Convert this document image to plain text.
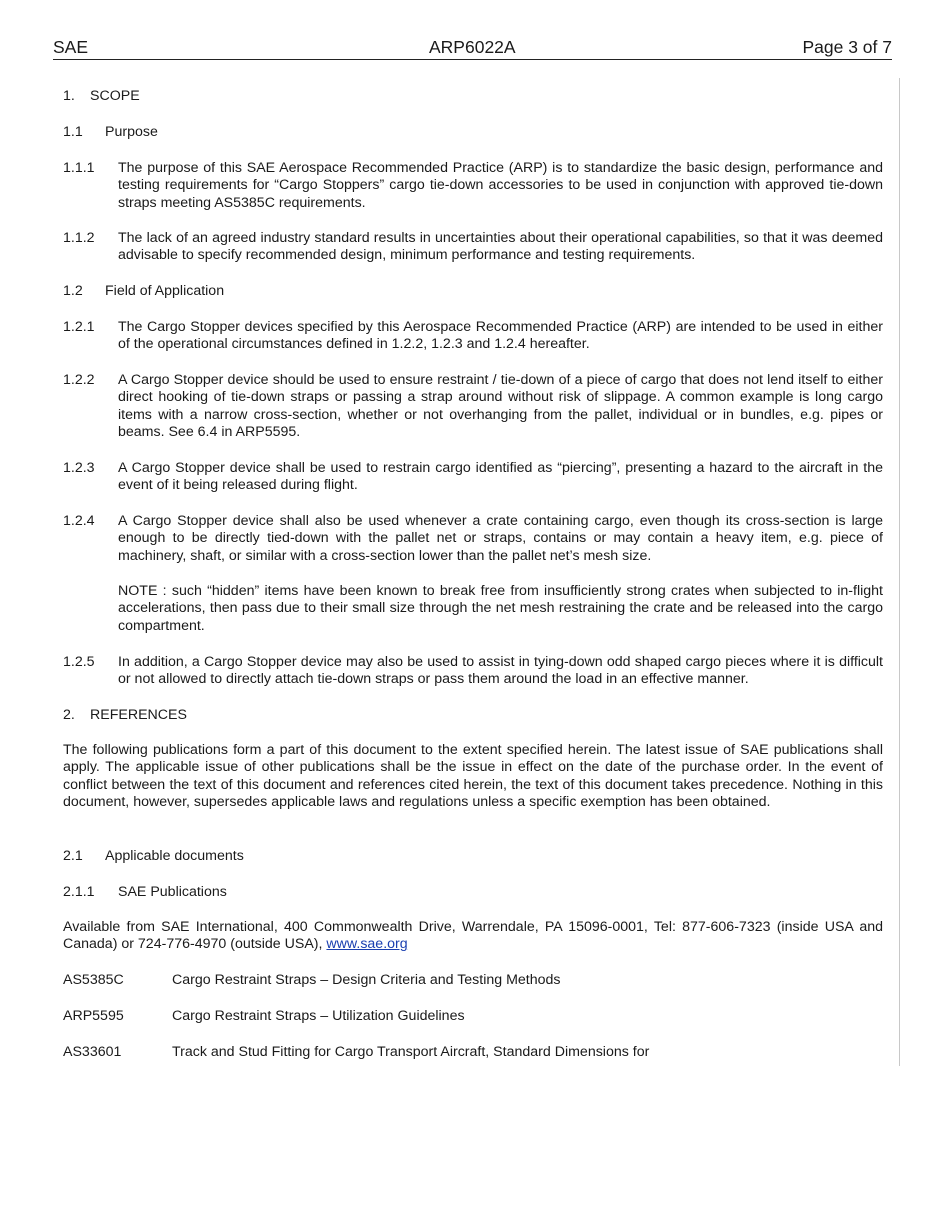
SAE	ARP6022A	Page 3 of 7
1. SCOPE
1.1 Purpose
1.1.1 The purpose of this SAE Aerospace Recommended Practice (ARP) is to standardize the basic design, performance and testing requirements for “Cargo Stoppers” cargo tie-down accessories to be used in conjunction with approved tie-down straps meeting AS5385C requirements.
1.1.2 The lack of an agreed industry standard results in uncertainties about their operational capabilities, so that it was deemed advisable to specify recommended design, minimum performance and testing requirements.
1.2 Field of Application
1.2.1 The Cargo Stopper devices specified by this Aerospace Recommended Practice (ARP) are intended to be used in either of the operational circumstances defined in 1.2.2, 1.2.3 and 1.2.4 hereafter.
1.2.2 A Cargo Stopper device should be used to ensure restraint / tie-down of a piece of cargo that does not lend itself to either direct hooking of tie-down straps or passing a strap around without risk of slippage. A common example is long cargo items with a narrow cross-section, whether or not overhanging from the pallet, individual or in bundles, e.g. pipes or beams. See 6.4 in ARP5595.
1.2.3 A Cargo Stopper device shall be used to restrain cargo identified as “piercing”, presenting a hazard to the aircraft in the event of it being released during flight.
1.2.4 A Cargo Stopper device shall also be used whenever a crate containing cargo, even though its cross-section is large enough to be directly tied-down with the pallet net or straps, contains or may contain a heavy item, e.g. piece of machinery, shaft, or similar with a cross-section lower than the pallet net’s mesh size.
NOTE : such “hidden” items have been known to break free from insufficiently strong crates when subjected to in-flight accelerations, then pass due to their small size through the net mesh restraining the crate and be released into the cargo compartment.
1.2.5 In addition, a Cargo Stopper device may also be used to assist in tying-down odd shaped cargo pieces where it is difficult or not allowed to directly attach tie-down straps or pass them around the load in an effective manner.
2. REFERENCES
The following publications form a part of this document to the extent specified herein. The latest issue of SAE publications shall apply. The applicable issue of other publications shall be the issue in effect on the date of the purchase order. In the event of conflict between the text of this document and references cited herein, the text of this document takes precedence. Nothing in this document, however, supersedes applicable laws and regulations unless a specific exemption has been obtained.
2.1 Applicable documents
2.1.1 SAE Publications
Available from SAE International, 400 Commonwealth Drive, Warrendale, PA 15096-0001, Tel: 877-606-7323 (inside USA and Canada) or 724-776-4970 (outside USA), www.sae.org
AS5385C	Cargo Restraint Straps – Design Criteria and Testing Methods
ARP5595	Cargo Restraint Straps – Utilization Guidelines
AS33601	Track and Stud Fitting for Cargo Transport Aircraft, Standard Dimensions for
